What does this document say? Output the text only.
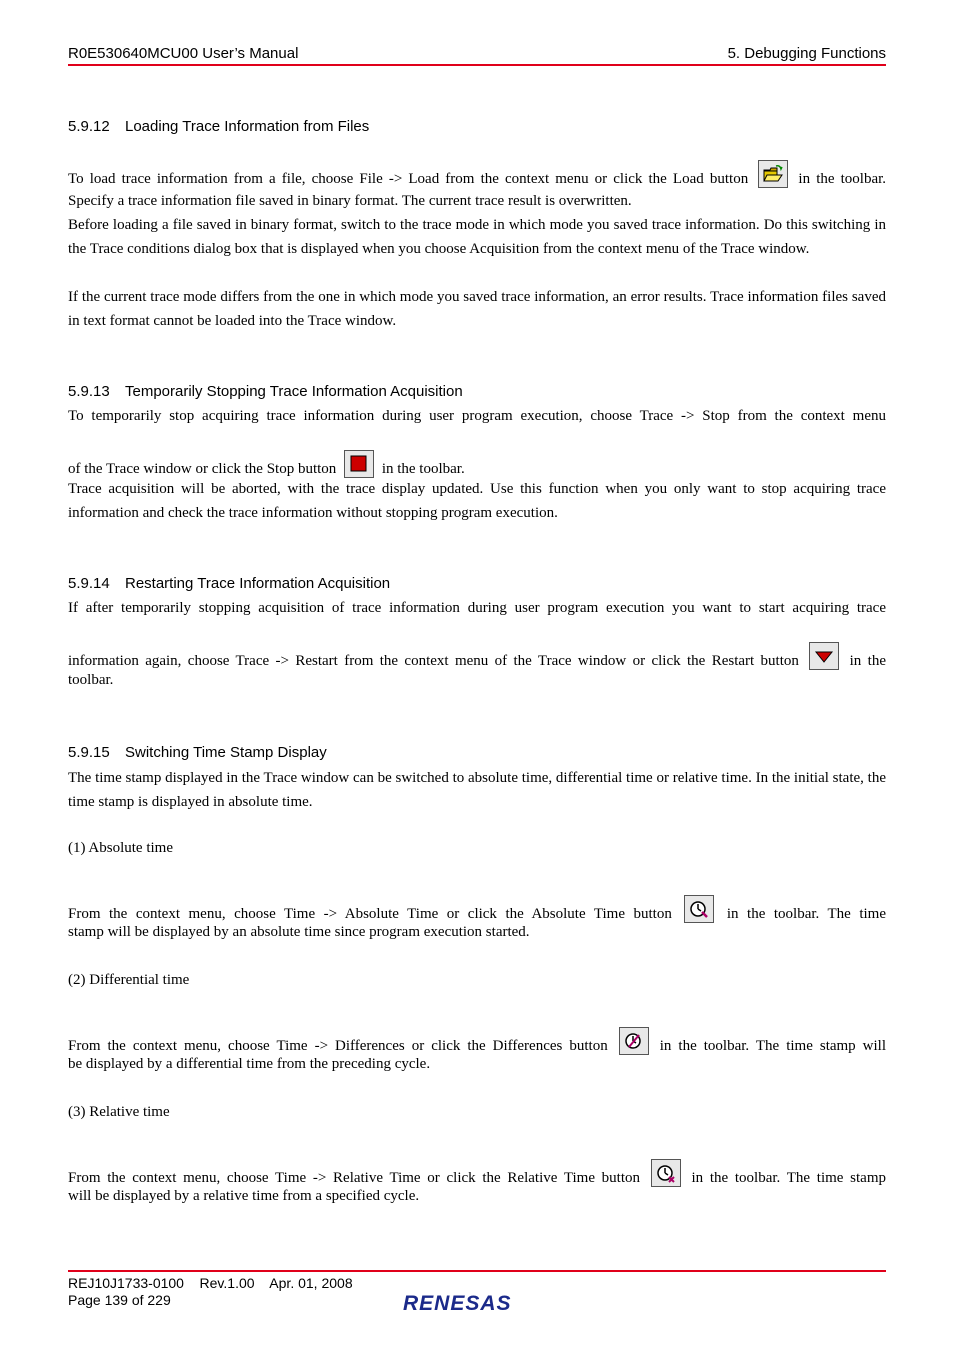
R0E530640MCU00 User’s Manual	5. Debugging Functions
5.9.12 Loading Trace Information from Files
To load trace information from a file, choose File -> Load from the context menu or click the Load button	in the toolbar.
Specify a trace information file saved in binary format. The current trace result is overwritten.
Before loading a file saved in binary format, switch to the trace mode in which mode you saved trace information. Do this switching in the Trace conditions dialog box that is displayed when you choose Acquisition from the context menu of the Trace window.
If the current trace mode differs from the one in which mode you saved trace information, an error results. Trace information files saved in text format cannot be loaded into the Trace window.
5.9.13 Temporarily Stopping Trace Information Acquisition
To temporarily stop acquiring trace information during user program execution, choose Trace -> Stop from the context menu
of the Trace window or click the Stop button	in the toolbar.
Trace acquisition will be aborted, with the trace display updated. Use this function when you only want to stop acquiring trace information and check the trace information without stopping program execution.
5.9.14 Restarting Trace Information Acquisition
If after temporarily stopping acquisition of trace information during user program execution you want to start acquiring trace
information again, choose Trace -> Restart from the context menu of the Trace window or click the Restart button	in the
toolbar.
5.9.15 Switching Time Stamp Display
The time stamp displayed in the Trace window can be switched to absolute time, differential time or relative time. In the initial state, the time stamp is displayed in absolute time.
(1) Absolute time
From the context menu, choose Time -> Absolute Time or click the Absolute Time button	in the toolbar. The time
stamp will be displayed by an absolute time since program execution started.
(2) Differential time
From the context menu, choose Time -> Differences or click the Differences button	in the toolbar. The time stamp will
be displayed by a differential time from the preceding cycle.
(3) Relative time
From the context menu, choose Time -> Relative Time or click the Relative Time button	in the toolbar. The time stamp
will be displayed by a relative time from a specified cycle.
REJ10J1733-0100    Rev.1.00    Apr. 01, 2008
Page 139 of 229	RENESAS
